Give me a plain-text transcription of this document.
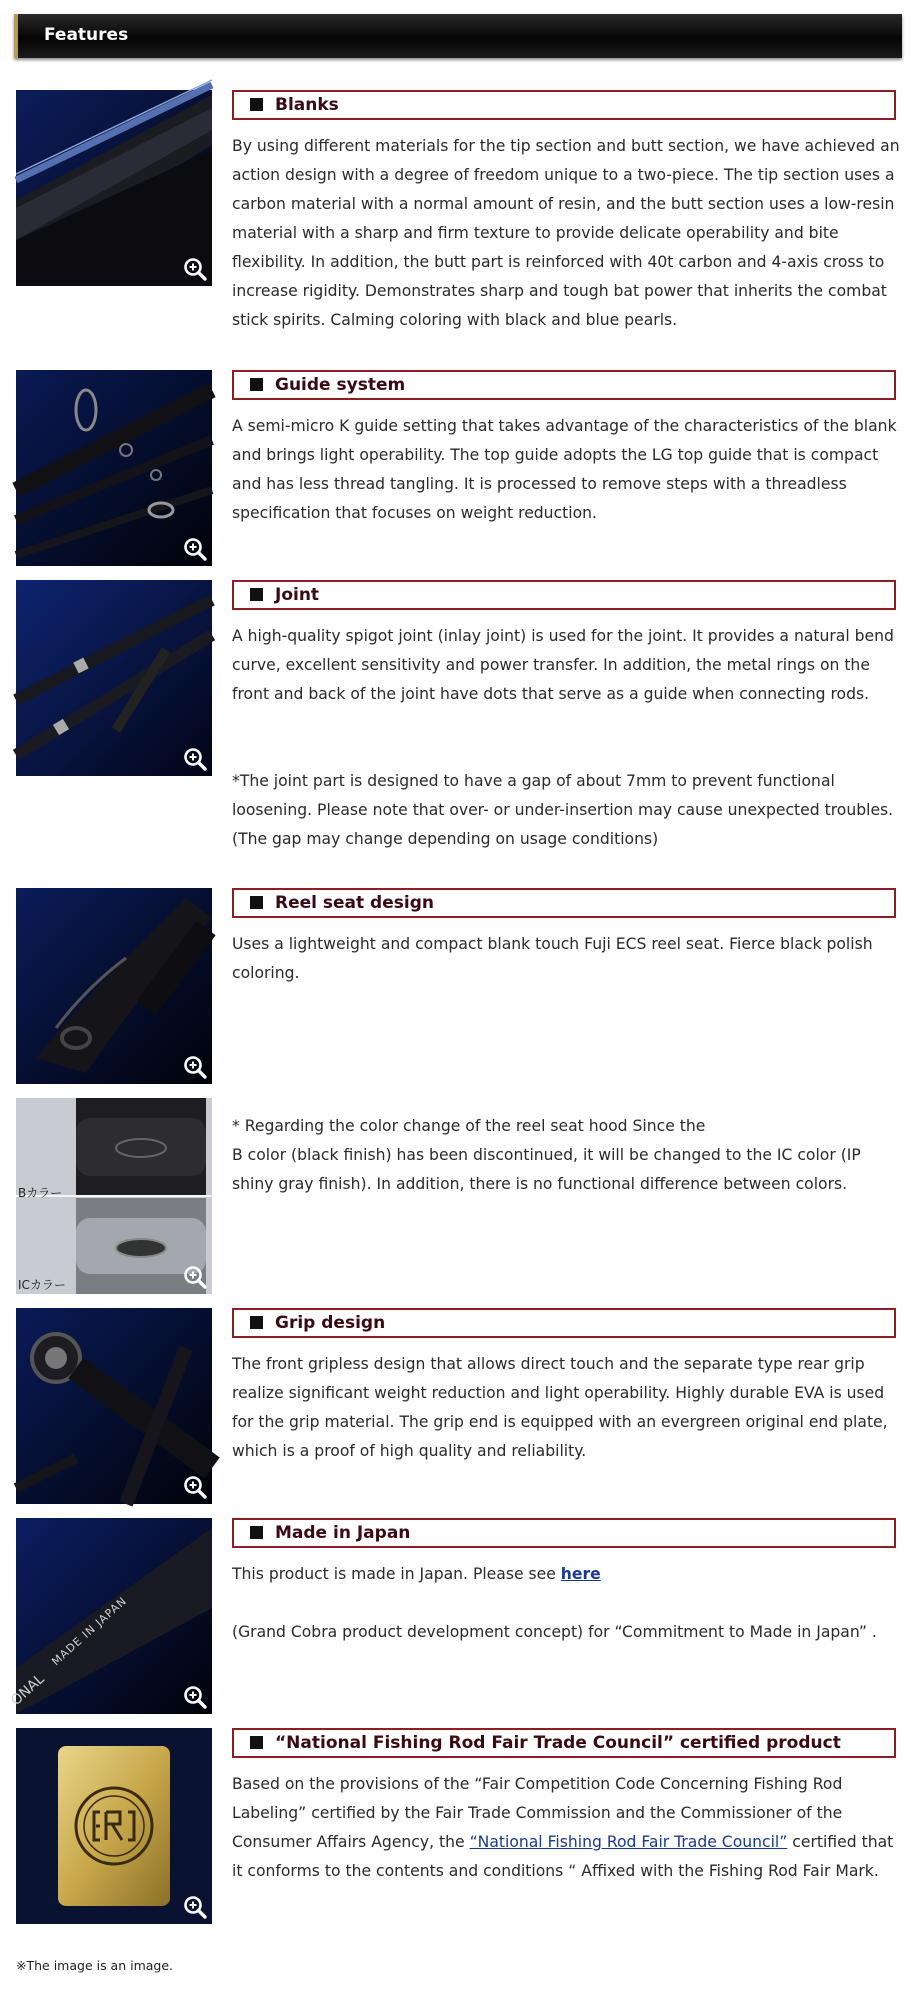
Features
Blanks
By using different materials for the tip section and butt section, we have achieved an action design with a degree of freedom unique to a two-piece. The tip section uses a carbon material with a normal amount of resin, and the butt section uses a low-resin material with a sharp and firm texture to provide delicate operability and bite flexibility. In addition, the butt part is reinforced with 40t carbon and 4-axis cross to increase rigidity. Demonstrates sharp and tough bat power that inherits the combat stick spirits. Calming coloring with black and blue pearls.
Guide system
A semi-micro K guide setting that takes advantage of the characteristics of the blank and brings light operability. The top guide adopts the LG top guide that is compact and has less thread tangling. It is processed to remove steps with a threadless specification that focuses on weight reduction.
Joint
A high-quality spigot joint (inlay joint) is used for the joint. It provides a natural bend curve, excellent sensitivity and power transfer. In addition, the metal rings on the front and back of the joint have dots that serve as a guide when connecting rods.
*The joint part is designed to have a gap of about 7mm to prevent functional loosening. Please note that over- or under-insertion may cause unexpected troubles. (The gap may change depending on usage conditions)
Reel seat design
Uses a lightweight and compact blank touch Fuji ECS reel seat. Fierce black polish coloring.
Bカラー
ICカラー

* Regarding the color change of the reel seat hood Since the

B color (black finish) has been discontinued, it will be changed to the IC color (IP shiny gray finish). In addition, there is no functional difference between colors.

Grip design
The front gripless design that allows direct touch and the separate type rear grip realize significant weight reduction and light operability. Highly durable EVA is used for the grip material. The grip end is equipped with an evergreen original end plate, which is a proof of high quality and reliability.
MADE IN JAPAN
ONAL
Made in Japan

This product is made in Japan. Please see here

(Grand Cobra product development concept) for “Commitment to Made in Japan” .

“National Fishing Rod Fair Trade Council” certified product
Based on the provisions of the “Fair Competition Code Concerning Fishing Rod Labeling” certified by the Fair Trade Commission and the Commissioner of the Consumer Affairs Agency, the “National Fishing Rod Fair Trade Council” certified that it conforms to the contents and conditions “ Affixed with the Fishing Rod Fair Mark.
※The image is an image.
